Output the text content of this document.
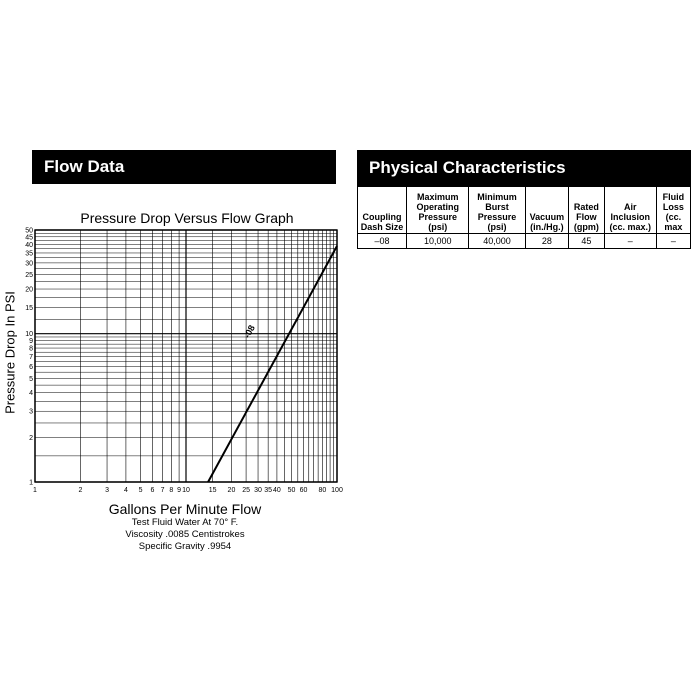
Flow Data	Physical Characteristics
Pressure Drop Versus Flow Graph
Pressure Drop In PSI	-08
1	2	3 4 5 6 7 8 9 10	15 20 25 30 35 40 50 60 80 100
1
2
3
4
5
6
7
8
9
10
15
20
25
30
35
40
45
50
Gallons Per Minute Flow
Test Fluid Water At 70° F.
Viscosity .0085 Centistrokes
Specific Gravity .9954
Coupling Dash Size	Maximum Operating Pressure (psi)	Minimum Burst Pressure (psi)	Vacuum (in./Hg.)	Rated Flow (gpm)	Air Inclusion (cc. max.)	Fluid Loss (cc. max
–08	10,000	40,000	28	45	–	–
